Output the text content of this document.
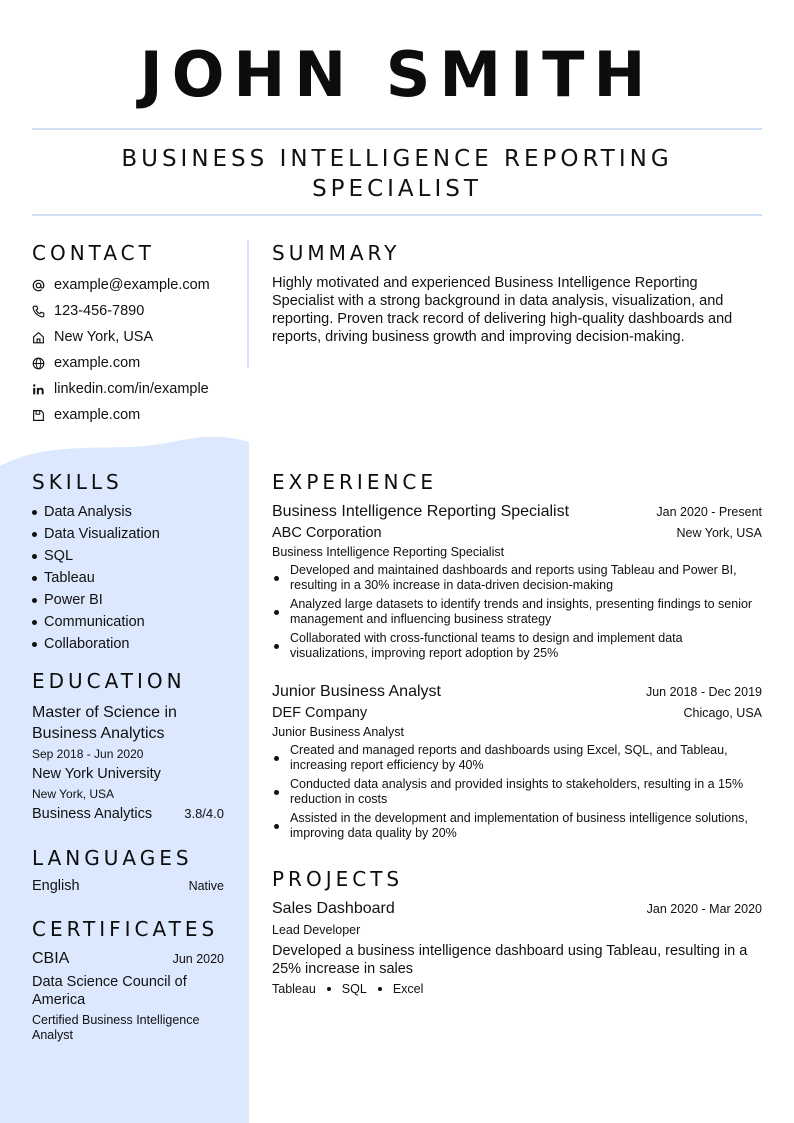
JOHN SMITH
BUSINESS INTELLIGENCE REPORTING SPECIALIST
CONTACT
example@example.com
123-456-7890
New York, USA
example.com
linkedin.com/in/example
example.com
SUMMARY
Highly motivated and experienced Business Intelligence Reporting Specialist with a strong background in data analysis, visualization, and reporting. Proven track record of delivering high-quality dashboards and reports, driving business growth and improving decision-making.
SKILLS
Data Analysis
Data Visualization
SQL
Tableau
Power BI
Communication
Collaboration
EDUCATION
Master of Science in Business Analytics
Sep 2018 - Jun 2020
New York University
New York, USA
Business Analytics 3.8/4.0
LANGUAGES
English	Native
CERTIFICATES
CBIA	Jun 2020
Data Science Council of America
Certified Business Intelligence Analyst
EXPERIENCE
Business Intelligence Reporting Specialist	Jan 2020 - Present
ABC Corporation	New York, USA
Business Intelligence Reporting Specialist
Developed and maintained dashboards and reports using Tableau and Power BI, resulting in a 30% increase in data-driven decision-making
Analyzed large datasets to identify trends and insights, presenting findings to senior management and influencing business strategy
Collaborated with cross-functional teams to design and implement data visualizations, improving report adoption by 25%
Junior Business Analyst	Jun 2018 - Dec 2019
DEF Company	Chicago, USA
Junior Business Analyst
Created and managed reports and dashboards using Excel, SQL, and Tableau, increasing report efficiency by 40%
Conducted data analysis and provided insights to stakeholders, resulting in a 15% reduction in costs
Assisted in the development and implementation of business intelligence solutions, improving data quality by 20%
PROJECTS
Sales Dashboard	Jan 2020 - Mar 2020
Lead Developer
Developed a business intelligence dashboard using Tableau, resulting in a 25% increase in sales
Tableau SQL Excel
